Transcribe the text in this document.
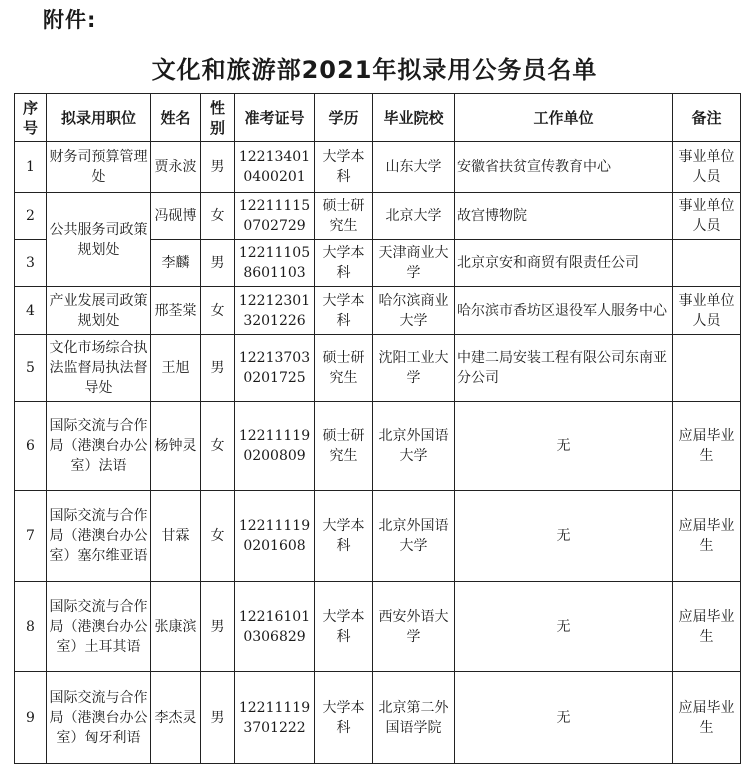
附件:
文化和旅游部2021年拟录用公务员名单
序号	拟录用职位	姓名	性别	准考证号	学历	毕业院校	工作单位	备注
1	财务司预算管理处	贾永波	男	122134010400201	大学本科	山东大学	安徽省扶贫宣传教育中心	事业单位人员
2	公共服务司政策规划处	冯砚博	女	122111150702729	硕士研究生	北京大学	故宫博物院	事业单位人员
3		李麟	男	122111058601103	大学本科	天津商业大学	北京京安和商贸有限责任公司	
4	产业发展司政策规划处	邢荃棠	女	122123013201226	大学本科	哈尔滨商业大学	哈尔滨市香坊区退役军人服务中心	事业单位人员
5	文化市场综合执法监督局执法督导处	王旭	男	122137030201725	硕士研究生	沈阳工业大学	中建二局安装工程有限公司东南亚分公司	
6	国际交流与合作局（港澳台办公室）法语	杨钟灵	女	122111190200809	硕士研究生	北京外国语大学	无	应届毕业生
7	国际交流与合作局（港澳台办公室）塞尔维亚语	甘霖	女	122111190201608	大学本科	北京外国语大学	无	应届毕业生
8	国际交流与合作局（港澳台办公室）土耳其语	张康滨	男	122161010306829	大学本科	西安外语大学	无	应届毕业生
9	国际交流与合作局（港澳台办公室）匈牙利语	李杰灵	男	122111193701222	大学本科	北京第二外国语学院	无	应届毕业生
